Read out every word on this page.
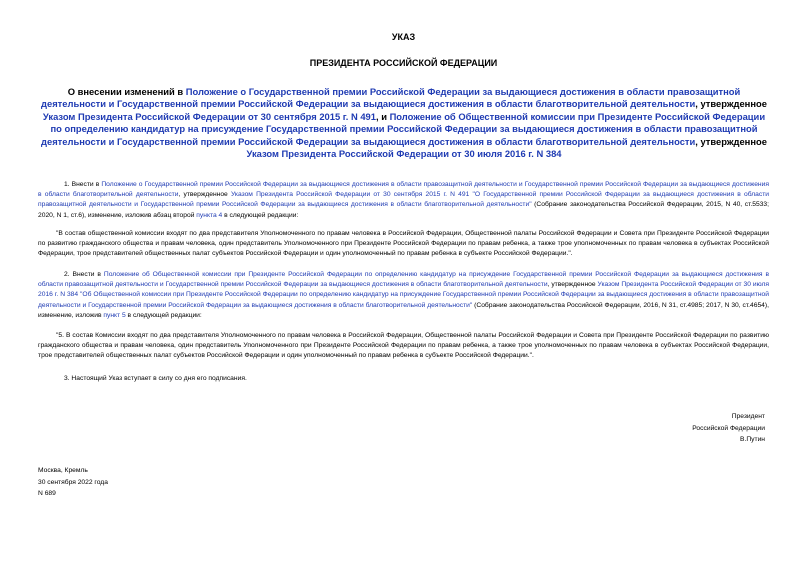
УКАЗ
ПРЕЗИДЕНТА РОССИЙСКОЙ ФЕДЕРАЦИИ
О внесении изменений в Положение о Государственной премии Российской Федерации за выдающиеся достижения в области правозащитной деятельности и Государственной премии Российской Федерации за выдающиеся достижения в области благотворительной деятельности, утвержденное Указом Президента Российской Федерации от 30 сентября 2015 г. N 491, и Положение об Общественной комиссии при Президенте Российской Федерации по определению кандидатур на присуждение Государственной премии Российской Федерации за выдающиеся достижения в области правозащитной деятельности и Государственной премии Российской Федерации за выдающиеся достижения в области благотворительной деятельности, утвержденное Указом Президента Российской Федерации от 30 июля 2016 г. N 384
1. Внести в Положение о Государственной премии Российской Федерации за выдающиеся достижения в области правозащитной деятельности и Государственной премии Российской Федерации за выдающиеся достижения в области благотворительной деятельности, утвержденное Указом Президента Российской Федерации от 30 сентября 2015 г. N 491 "О Государственной премии Российской Федерации за выдающиеся достижения в области правозащитной деятельности и Государственной премии Российской Федерации за выдающиеся достижения в области благотворительной деятельности" (Собрание законодательства Российской Федерации, 2015, N 40, ст.5533; 2020, N 1, ст.6), изменение, изложив абзац второй пункта 4 в следующей редакции:
"В состав общественной комиссии входят по два представителя Уполномоченного по правам человека в Российской Федерации, Общественной палаты Российской Федерации и Совета при Президенте Российской Федерации по развитию гражданского общества и правам человека, один представитель Уполномоченного при Президенте Российской Федерации по правам ребенка, а также трое уполномоченных по правам человека в субъектах Российской Федерации, трое представителей общественных палат субъектов Российской Федерации и один уполномоченный по правам ребенка в субъекте Российской Федерации.".
2. Внести в Положение об Общественной комиссии при Президенте Российской Федерации по определению кандидатур на присуждение Государственной премии Российской Федерации за выдающиеся достижения в области правозащитной деятельности и Государственной премии Российской Федерации за выдающиеся достижения в области благотворительной деятельности, утвержденное Указом Президента Российской Федерации от 30 июля 2016 г. N 384 "Об Общественной комиссии при Президенте Российской Федерации по определению кандидатур на присуждение Государственной премии Российской Федерации за выдающиеся достижения в области правозащитной деятельности и Государственной премии Российской Федерации за выдающиеся достижения в области благотворительной деятельности" (Собрание законодательства Российской Федерации, 2016, N 31, ст.4985; 2017, N 30, ст.4654), изменение, изложив пункт 5 в следующей редакции:
"5. В состав Комиссии входят по два представителя Уполномоченного по правам человека в Российской Федерации, Общественной палаты Российской Федерации и Совета при Президенте Российской Федерации по развитию гражданского общества и правам человека, один представитель Уполномоченного при Президенте Российской Федерации по правам ребенка, а также трое уполномоченных по правам человека в субъектах Российской Федерации, трое представителей общественных палат субъектов Российской Федерации и один уполномоченный по правам ребенка в субъекте Российской Федерации.".
3. Настоящий Указ вступает в силу со дня его подписания.
Президент
Российской Федерации
В.Путин
Москва, Кремль
30 сентября 2022 года
N 689
